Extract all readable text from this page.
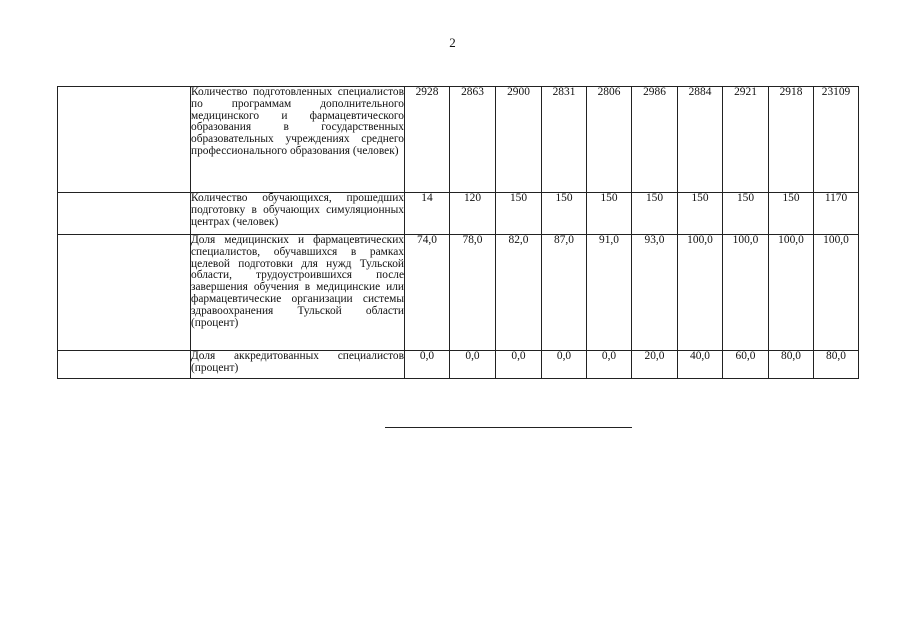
2

	Количество подготовленных специалистов по программам дополнительного медицинского и фармацевтического образования в государственных образовательных учреждениях среднего профессионального образования (человек)	2928	2863	2900	2831	2806	2986	2884	2921	2918	23109

	Количество обучающихся, прошедших подготовку в обучающих симуляционных центрах (человек)	14	120	150	150	150	150	150	150	150	1170

	Доля медицинских и фармацевтических специалистов, обучавшихся в рамках целевой подготовки для нужд Тульской области, трудоустроившихся после завершения обучения в медицинские или фармацевтические организации системы здравоохранения Тульской области (процент)	74,0	78,0	82,0	87,0	91,0	93,0	100,0	100,0	100,0	100,0

	Доля аккредитованных специалистов (процент)	0,0	0,0	0,0	0,0	0,0	20,0	40,0	60,0	80,0	80,0
